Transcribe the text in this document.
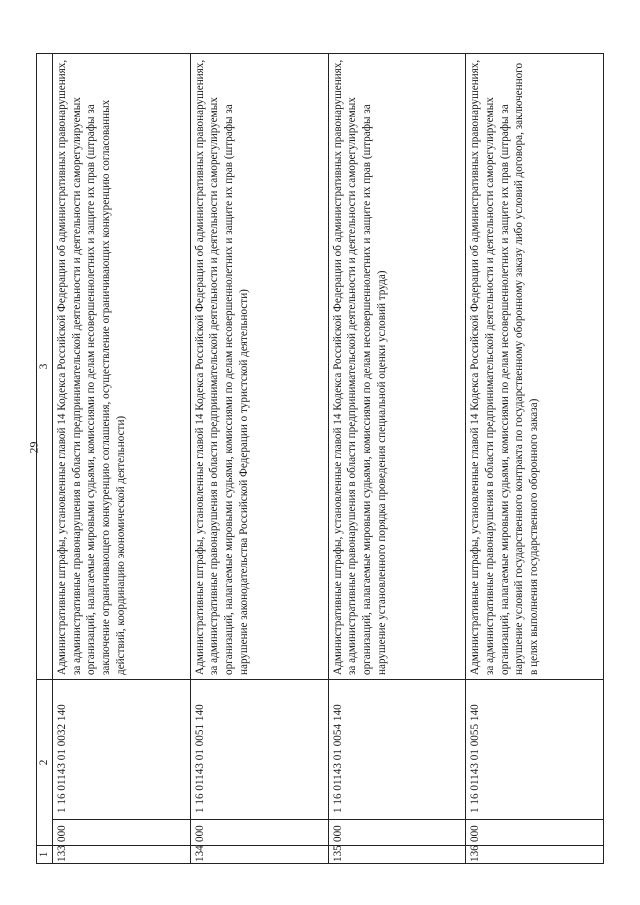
29
1	2		3
133	000	1 16 01143 01 0032 140	Административные штрафы, установленные главой 14 Кодекса Российской Федерации об административных правонарушениях, за административные правонарушения в области предпринимательской деятельности и деятельности саморегулируемых организаций, налагаемые мировыми судьями, комиссиями по делам несовершеннолетних и защите их прав (штрафы за заключение ограничивающего конкуренцию соглашения, осуществление ограничивающих конкуренцию согласованных действий, координацию экономической деятельности)
134	000	1 16 01143 01 0051 140	Административные штрафы, установленные главой 14 Кодекса Российской Федерации об административных правонарушениях, за административные правонарушения в области предпринимательской деятельности и деятельности саморегулируемых организаций, налагаемые мировыми судьями, комиссиями по делам несовершеннолетних и защите их прав (штрафы за нарушение законодательства Российской Федерации о туристской деятельности)
135	000	1 16 01143 01 0054 140	Административные штрафы, установленные главой 14 Кодекса Российской Федерации об административных правонарушениях, за административные правонарушения в области предпринимательской деятельности и деятельности саморегулируемых организаций, налагаемые мировыми судьями, комиссиями по делам несовершеннолетних и защите их прав (штрафы за нарушение установленного порядка проведения специальной оценки условий труда)
136	000	1 16 01143 01 0055 140	Административные штрафы, установленные главой 14 Кодекса Российской Федерации об административных правонарушениях, за административные правонарушения в области предпринимательской деятельности и деятельности саморегулируемых организаций, налагаемые мировыми судьями, комиссиями по делам несовершеннолетних и защите их прав (штрафы за нарушение условий государственного контракта по государственному оборонному заказу либо условий договора, заключенного в целях выполнения государственного оборонного заказа)
